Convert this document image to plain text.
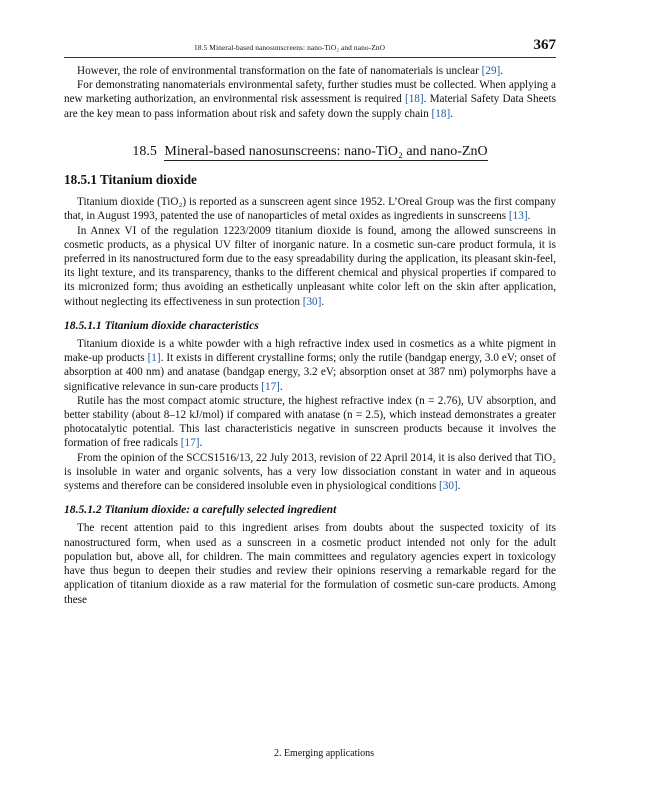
18.5 Mineral-based nanosunscreens: nano-TiO₂ and nano-ZnO	367

However, the role of environmental transformation on the fate of nanomaterials is unclear [29].

For demonstrating nanomaterials environmental safety, further studies must be collected. When applying a new marketing authorization, an environmental risk assessment is required [18]. Material Safety Data Sheets are the key mean to pass information about risk and safety down the supply chain [18].

18.5 Mineral-based nanosunscreens: nano-TiO₂ and nano-ZnO
18.5.1 Titanium dioxide

Titanium dioxide (TiO₂) is reported as a sunscreen agent since 1952. L’Oreal Group was the first company that, in August 1993, patented the use of nanoparticles of metal oxides as ingredients in sunscreens [13].

In Annex VI of the regulation 1223/2009 titanium dioxide is found, among the allowed sunscreens in cosmetic products, as a physical UV filter of inorganic nature. In a cosmetic sun-care product formula, it is preferred in its nanostructured form due to the easy spreadability during the application, its pleasant skin-feel, its light texture, and its transparency, thanks to the different chemical and physical properties if compared to its micronized form; thus avoiding an esthetically unpleasant white color left on the skin after application, without neglecting its effectiveness in sun protection [30].

18.5.1.1 Titanium dioxide characteristics

Titanium dioxide is a white powder with a high refractive index used in cosmetics as a white pigment in make-up products [1]. It exists in different crystalline forms; only the rutile (bandgap energy, 3.0 eV; onset of absorption at 400 nm) and anatase (bandgap energy, 3.2 eV; absorption onset at 387 nm) polymorphs have a significative relevance in sun-care products [17].

Rutile has the most compact atomic structure, the highest refractive index (n = 2.76), UV absorption, and better stability (about 8‒12 kJ/mol) if compared with anatase (n = 2.5), which instead demonstrates a greater photocatalytic potential. This last characteristicis negative in sunscreen products because it involves the formation of free radicals [17].

From the opinion of the SCCS1516/13, 22 July 2013, revision of 22 April 2014, it is also derived that TiO₂ is insoluble in water and organic solvents, has a very low dissociation constant in water and in aqueous systems and therefore can be considered insoluble even in physiological conditions [30].

18.5.1.2 Titanium dioxide: a carefully selected ingredient

The recent attention paid to this ingredient arises from doubts about the suspected toxicity of its nanostructured form, when used as a sunscreen in a cosmetic product intended not only for the adult population but, above all, for children. The main committees and regulatory agencies expert in toxicology have thus begun to deepen their studies and review their opinions reserving a remarkable regard for the application of titanium dioxide as a raw material for the formulation of cosmetic sun-care products. Among these

2. Emerging applications
